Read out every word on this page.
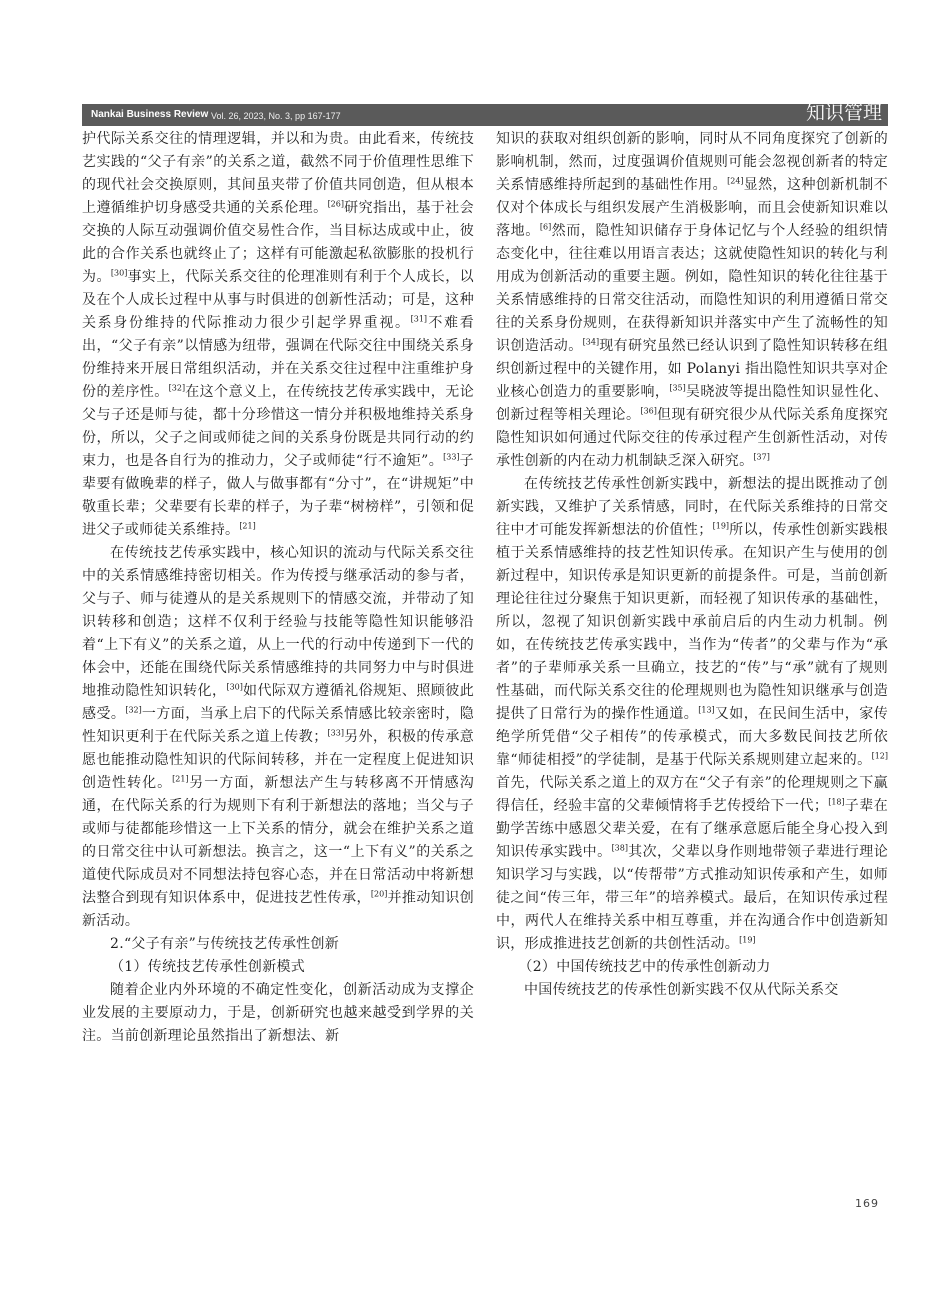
Nankai Business Review Vol. 26, 2023, No. 3, pp 167-177	知识管理

护代际关系交往的情理逻辑，并以和为贵。由此看来，传统技艺实践的“父子有亲”的关系之道，截然不同于价值理性思维下的现代社会交换原则，其间虽夹带了价值共同创造，但从根本上遵循维护切身感受共通的关系伦理。[26]研究指出，基于社会交换的人际互动强调价值交易性合作，当目标达成或中止，彼此的合作关系也就终止了；这样有可能激起私欲膨胀的投机行为。[30]事实上，代际关系交往的伦理准则有利于个人成长，以及在个人成长过程中从事与时俱进的创新性活动；可是，这种关系身份维持的代际推动力很少引起学界重视。[31]不难看出，“父子有亲”以情感为纽带，强调在代际交往中围绕关系身份维持来开展日常组织活动，并在关系交往过程中注重维护身份的差序性。[32]在这个意义上，在传统技艺传承实践中，无论父与子还是师与徒，都十分珍惜这一情分并积极地维持关系身份，所以，父子之间或师徒之间的关系身份既是共同行动的约束力，也是各自行为的推动力，父子或师徒“行不逾矩”。[33]子辈要有做晚辈的样子，做人与做事都有“分寸”，在“讲规矩”中敬重长辈；父辈要有长辈的样子，为子辈“树榜样”，引领和促进父子或师徒关系维持。[21]

在传统技艺传承实践中，核心知识的流动与代际关系交往中的关系情感维持密切相关。作为传授与继承活动的参与者，父与子、师与徒遵从的是关系规则下的情感交流，并带动了知识转移和创造；这样不仅利于经验与技能等隐性知识能够沿着“上下有义”的关系之道，从上一代的行动中传递到下一代的体会中，还能在围绕代际关系情感维持的共同努力中与时俱进地推动隐性知识转化，[30]如代际双方遵循礼俗规矩、照顾彼此感受。[32]一方面，当承上启下的代际关系情感比较亲密时，隐性知识更利于在代际关系之道上传教；[33]另外，积极的传承意愿也能推动隐性知识的代际间转移，并在一定程度上促进知识创造性转化。[21]另一方面，新想法产生与转移离不开情感沟通，在代际关系的行为规则下有利于新想法的落地；当父与子或师与徒都能珍惜这一上下关系的情分，就会在维护关系之道的日常交往中认可新想法。换言之，这一“上下有义”的关系之道使代际成员对不同想法持包容心态，并在日常活动中将新想法整合到现有知识体系中，促进技艺性传承，[20]并推动知识创新活动。

2.“父子有亲”与传统技艺传承性创新

（1）传统技艺传承性创新模式

随着企业内外环境的不确定性变化，创新活动成为支撑企业发展的主要原动力，于是，创新研究也越来越受到学界的关注。当前创新理论虽然指出了新想法、新

知识的获取对组织创新的影响，同时从不同角度探究了创新的影响机制，然而，过度强调价值规则可能会忽视创新者的特定关系情感维持所起到的基础性作用。[24]显然，这种创新机制不仅对个体成长与组织发展产生消极影响，而且会使新知识难以落地。[6]然而，隐性知识储存于身体记忆与个人经验的组织情态变化中，往往难以用语言表达；这就使隐性知识的转化与利用成为创新活动的重要主题。例如，隐性知识的转化往往基于关系情感维持的日常交往活动，而隐性知识的利用遵循日常交往的关系身份规则，在获得新知识并落实中产生了流畅性的知识创造活动。[34]现有研究虽然已经认识到了隐性知识转移在组织创新过程中的关键作用，如 Polanyi 指出隐性知识共享对企业核心创造力的重要影响，[35]吴晓波等提出隐性知识显性化、创新过程等相关理论。[36]但现有研究很少从代际关系角度探究隐性知识如何通过代际交往的传承过程产生创新性活动，对传承性创新的内在动力机制缺乏深入研究。[37]

在传统技艺传承性创新实践中，新想法的提出既推动了创新实践，又维护了关系情感，同时，在代际关系维持的日常交往中才可能发挥新想法的价值性；[19]所以，传承性创新实践根植于关系情感维持的技艺性知识传承。在知识产生与使用的创新过程中，知识传承是知识更新的前提条件。可是，当前创新理论往往过分聚焦于知识更新，而轻视了知识传承的基础性，所以，忽视了知识创新实践中承前启后的内生动力机制。例如，在传统技艺传承实践中，当作为“传者”的父辈与作为“承者”的子辈师承关系一旦确立，技艺的“传”与“承”就有了规则性基础，而代际关系交往的伦理规则也为隐性知识继承与创造提供了日常行为的操作性通道。[13]又如，在民间生活中，家传绝学所凭借“父子相传”的传承模式，而大多数民间技艺所依靠“师徒相授”的学徒制，是基于代际关系规则建立起来的。[12]首先，代际关系之道上的双方在“父子有亲”的伦理规则之下赢得信任，经验丰富的父辈倾情将手艺传授给下一代；[18]子辈在勤学苦练中感恩父辈关爱，在有了继承意愿后能全身心投入到知识传承实践中。[38]其次，父辈以身作则地带领子辈进行理论知识学习与实践，以“传帮带”方式推动知识传承和产生，如师徒之间“传三年，带三年”的培养模式。最后，在知识传承过程中，两代人在维持关系中相互尊重，并在沟通合作中创造新知识，形成推进技艺创新的共创性活动。[19]

（2）中国传统技艺中的传承性创新动力

中国传统技艺的传承性创新实践不仅从代际关系交

169
